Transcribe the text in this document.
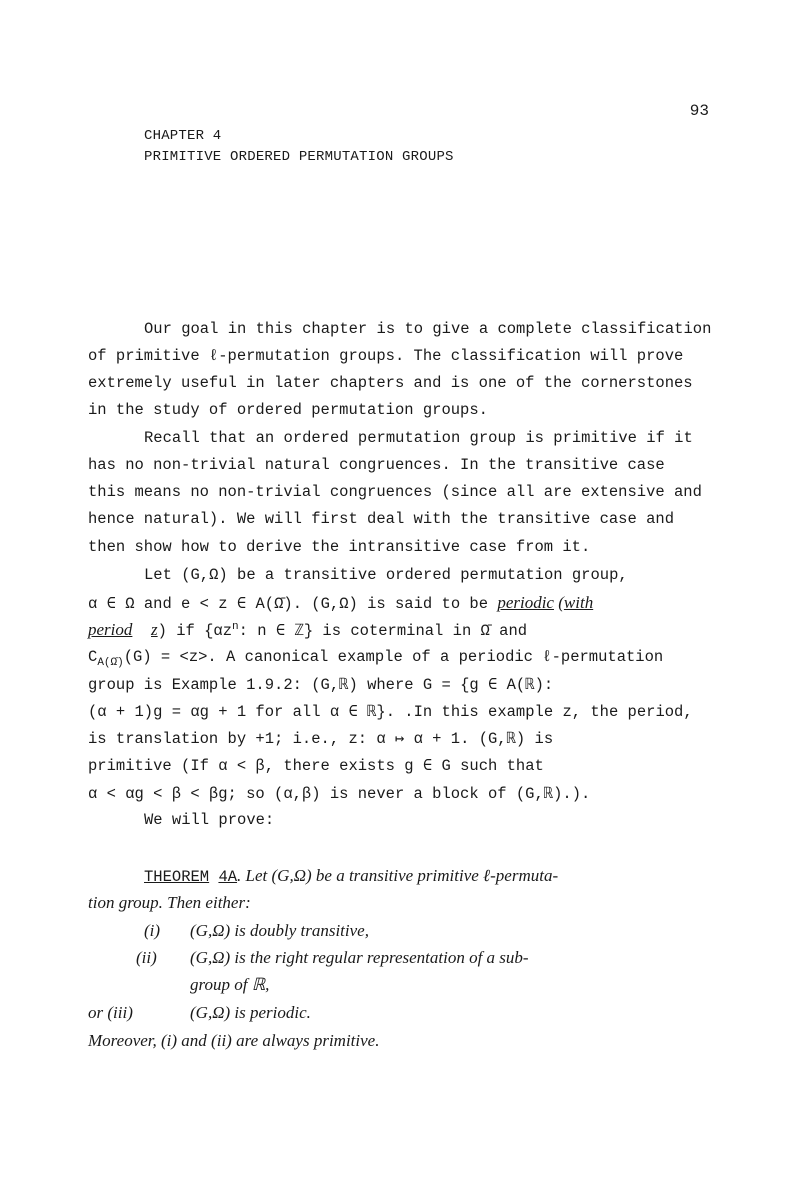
93
CHAPTER 4
PRIMITIVE ORDERED PERMUTATION GROUPS
Our goal in this chapter is to give a complete classification
of primitive ℓ-permutation groups. The classification will prove
extremely useful in later chapters and is one of the cornerstones
in the study of ordered permutation groups.
Recall that an ordered permutation group is primitive if it
has no non-trivial natural congruences. In the transitive case
this means no non-trivial congruences (since all are extensive and
hence natural). We will first deal with the transitive case and
then show how to derive the intransitive case from it.
Let (G,Ω) be a transitive ordered permutation group,
α ∈ Ω and e < z ∈ A(Ω̄). (G,Ω) is said to be periodic (with
period z) if {$\alpha z^n$: n ∈ ℤ} is coterminal in Ω̄ and
$C_{A(\Omegā)}(G) = <z>$. A canonical example of a periodic ℓ-permutation
group is Example 1.9.2: (G,ℝ) where G = {g ∈ A(ℝ):
(α + 1)g = αg + 1 for all α ∈ ℝ}. .In this example z, the period,
is translation by +1; i.e., z: α ↦ α + 1. (G,ℝ) is
primitive (If α < β, there exists g ∈ G such that
α < αg < β < βg; so (α,β) is never a block of (G,ℝ).).
We will prove:
THEOREM 4A. Let (G,Ω) be a transitive primitive ℓ-permuta-
tion group. Then either:
(i) (G,Ω) is doubly transitive,
(ii) (G,Ω) is the right regular representation of a sub-
group of ℝ,
or (iii)	(G,Ω) is periodic.
Moreover, (i) and (ii) are always primitive.
